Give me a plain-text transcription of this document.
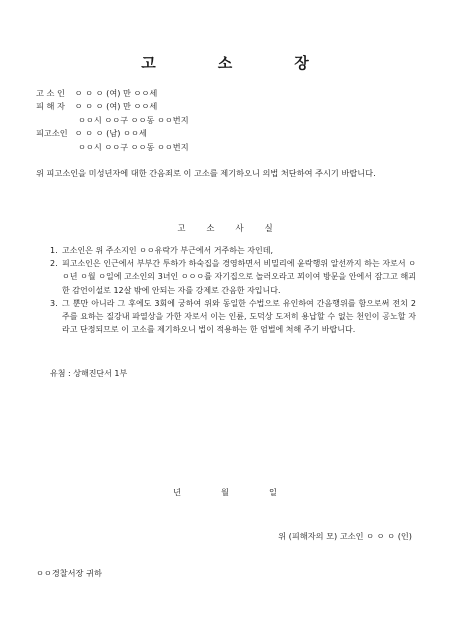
고	소	장
고 소 인 ㅇ ㅇ ㅇ (여) 만 ㅇㅇ세
피 해 자 ㅇ ㅇ ㅇ (여) 만 ㅇㅇ세
ㅇㅇ시 ㅇㅇ구 ㅇㅇ동 ㅇㅇ번지
피고소인 ㅇ ㅇ ㅇ (남) ㅇㅇ세
ㅇㅇ시 ㅇㅇ구 ㅇㅇ동 ㅇㅇ번지
위 피고소인을 미성년자에 대한 간음죄로 이 고소를 제기하오니 의법 처단하여 주시기 바랍니다.
고	소	사	실
1. 고소인은 위 주소지인 ㅇㅇ유락가 부근에서 거주하는 자인데,
2. 피고소인은 인근에서 부부간 투하가 하숙집을 경영하면서 비밀리에 윤락행위 알선까지 하는 자로서 ㅇㅇ년 ㅇ월 ㅇ일에 고소인의 3녀인 ㅇㅇㅇ를 자기집으로 놀러오라고 꾀이여 방문을 안에서 잠그고 해괴한 감언이설로 12살 밖에 안되는 자를 강제로 간음한 자입니다.
3. 그 뿐만 아니라 그 후에도 3회에 궁하여 위와 동일한 수법으로 유인하여 간음행위를 함으로써 전치 2주를 요하는 질강내 파열상을 가한 자로서 이는 인륜, 도덕상 도저히 용납할 수 없는 천인이 공노할 자라고 단정되므로 이 고소를 제기하오니 법이 적용하는 한 엄벌에 처해 주기 바랍니다.
유첨 : 상해진단서 1부
년	월	일
위 (피해자의 모) 고소인 ㅇ ㅇ ㅇ (인)
ㅇㅇ경찰서장 귀하
